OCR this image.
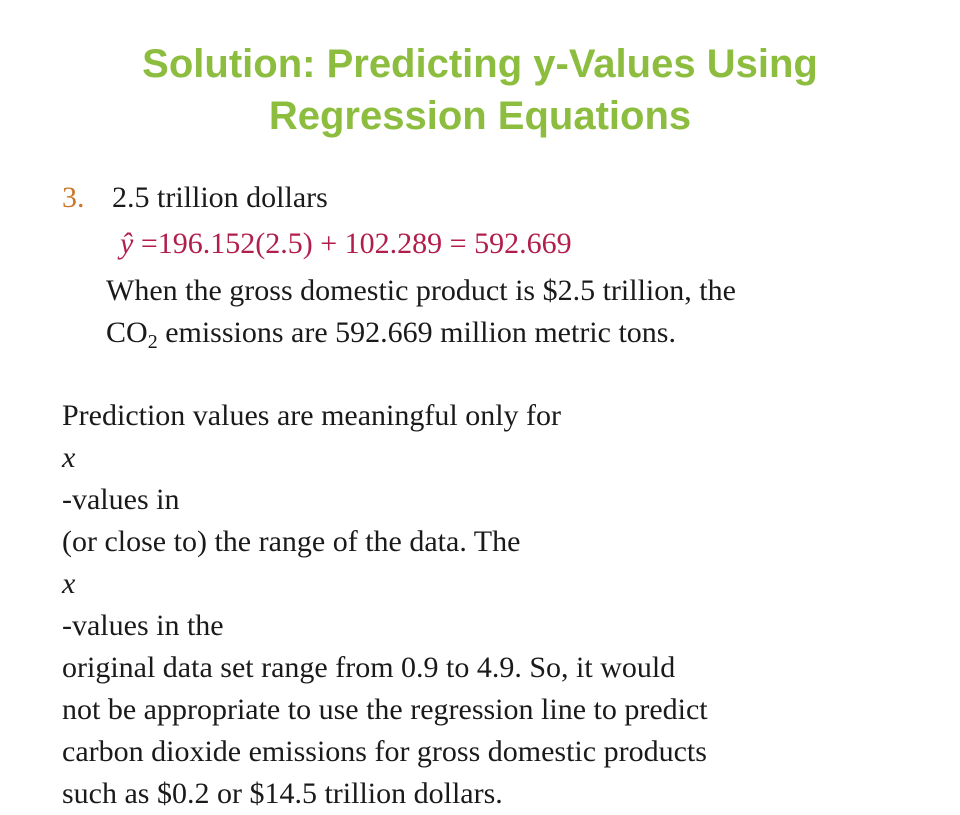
Solution: Predicting y-Values Using
Regression Equations
3. 2.5 trillion dollars
ŷ =196.152(2.5) + 102.289 = 592.669
When the gross domestic product is $2.5 trillion, the
$CO_2$ emissions are 592.669 million metric tons.
Prediction values are meaningful only for
x
-values in
(or close to) the range of the data. The
x
-values in the
original data set range from 0.9 to 4.9. So, it would
not be appropriate to use the regression line to predict
carbon dioxide emissions for gross domestic products
such as $0.2 or $14.5 trillion dollars.
